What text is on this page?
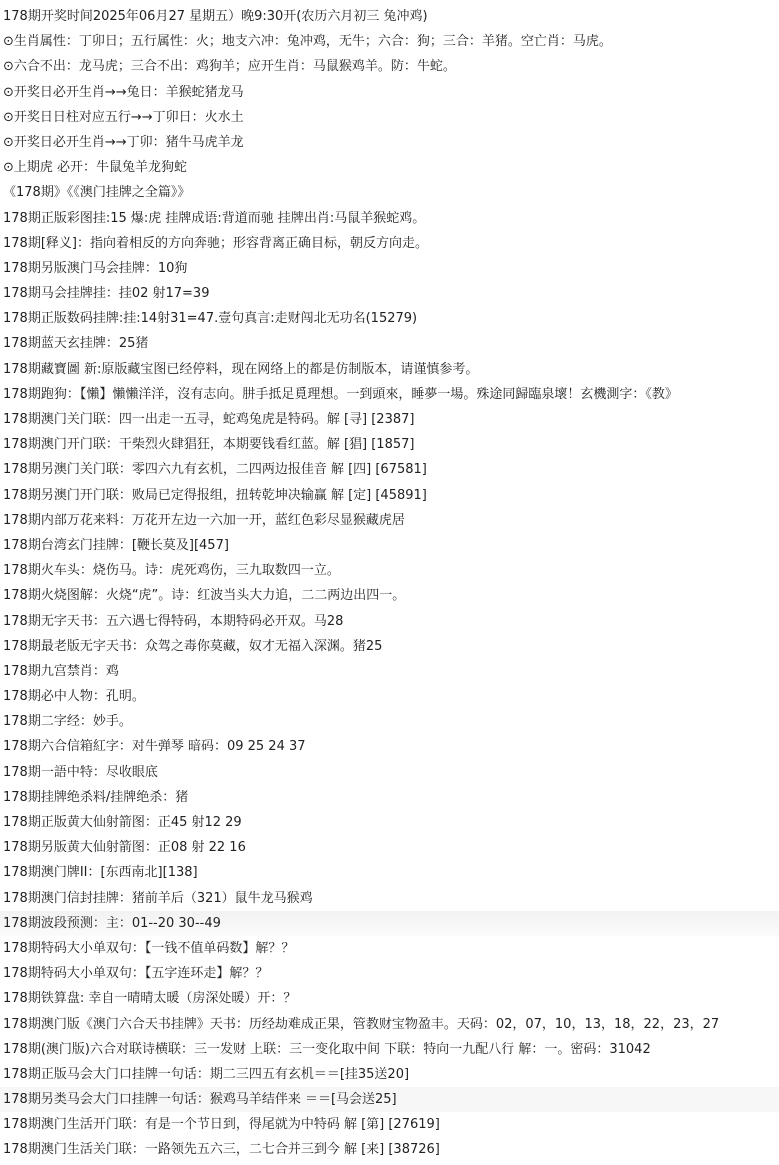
178期开奖时间2025年06月27 星期五）晚9:30开(农历六月初三 兔冲鸡)
⊙生肖属性：丁卯日；五行属性：火；地支六冲：兔冲鸡，无牛；六合：狗；三合：羊猪。空亡肖：马虎。
⊙六合不出：龙马虎；三合不出：鸡狗羊；应开生肖：马鼠猴鸡羊。防：牛蛇。
⊙开奖日必开生肖→→兔日：羊猴蛇猪龙马
⊙开奖日日柱对应五行→→丁卯日：火水土
⊙开奖日必开生肖→→丁卯：猪牛马虎羊龙
⊙上期虎 必开：牛鼠兔羊龙狗蛇
《178期》《《澳门挂牌之全篇》》
178期正版彩图挂:15 爆:虎 挂牌成语:背道而驰 挂牌出肖:马鼠羊猴蛇鸡。
178期[释义]：指向着相反的方向奔驰；形容背离正确目标，朝反方向走。
178期另版澳门马会挂牌：10狗
178期马会挂牌挂：挂02 射17=39
178期正版数码挂牌:挂:14射31=47.壹句真言:走财闯北无功名(15279)
178期蓝天玄挂牌：25猪
178期藏寶圖 新:原版藏宝图已经停料，现在网络上的都是仿制版本，请谨慎参考。
178期跑狗：【懶】懶懶洋洋，沒有志向。肼手抵足覓理想。一到頭來，睡夢一場。殊途同歸臨泉壞！玄機測字：《教》
178期澳门关门联：四一出走一五寻，蛇鸡兔虎是特码。解 [寻] [2387]
178期澳门开门联：干柴烈火肆猖狂，本期要钱看红蓝。解 [猖] [1857]
178期另澳门关门联：零四六九有玄机，二四两边报佳音 解 [四] [67581]
178期另澳门开门联：败局已定得报组，扭转乾坤决输赢 解 [定] [45891]
178期内部万花来料：万花开左边一六加一开，蓝红色彩尽显猴藏虎居
178期台湾玄门挂牌：[鞭长莫及][457]
178期火车头：烧伤马。诗：虎死鸡伤，三九取数四一立。
178期火烧图解：火烧“虎”。诗：红波当头大力追，二二两边出四一。
178期无字天书：五六遇七得特码，本期特码必开双。马28
178期最老版无字天书：众驾之毒你莫藏，奴才无福入深渊。猪25
178期九宫禁肖：鸡
178期必中人物：孔明。
178期二字经：妙手。
178期六合信箱紅字：对牛弹琴 暗码：09 25 24 37
178期一語中特：尽收眼底
178期挂牌绝杀料/挂牌绝杀：猪
178期正版黄大仙射箭图：正45 射12 29
178期另版黄大仙射箭图：正08 射 22 16
178期澳门牌II：[东西南北][138]
178期澳门信封挂牌：猪前羊后（321）鼠牛龙马猴鸡
178期波段预测：主：01--20 30--49
178期特码大小单双句：【一钱不值单码数】解？？
178期特码大小单双句：【五字连环走】解？？
178期铁算盘: 幸自一晴晴太暖（房深处暖）开：？
178期澳门版《澳门六合天书挂牌》天书：历经劫难成正果，管教财宝物盈丰。天码：02，07，10，13，18，22，23，27
178期(澳门版)六合对联诗横联：三一发财 上联：三一变化取中间 下联：特向一九配八行 解：一。密码：31042
178期正版马会大门口挂牌一句话：期二三四五有玄机＝＝[挂35送20]
178期另类马会大门口挂牌一句话：猴鸡马羊结伴来 ＝＝[马会送25]
178期澳门生活开门联：有是一个节日到，得尾就为中特码 解 [第] [27619]
178期澳门生活关门联：一路领先五六三，二七合并三到今 解 [来] [38726]
